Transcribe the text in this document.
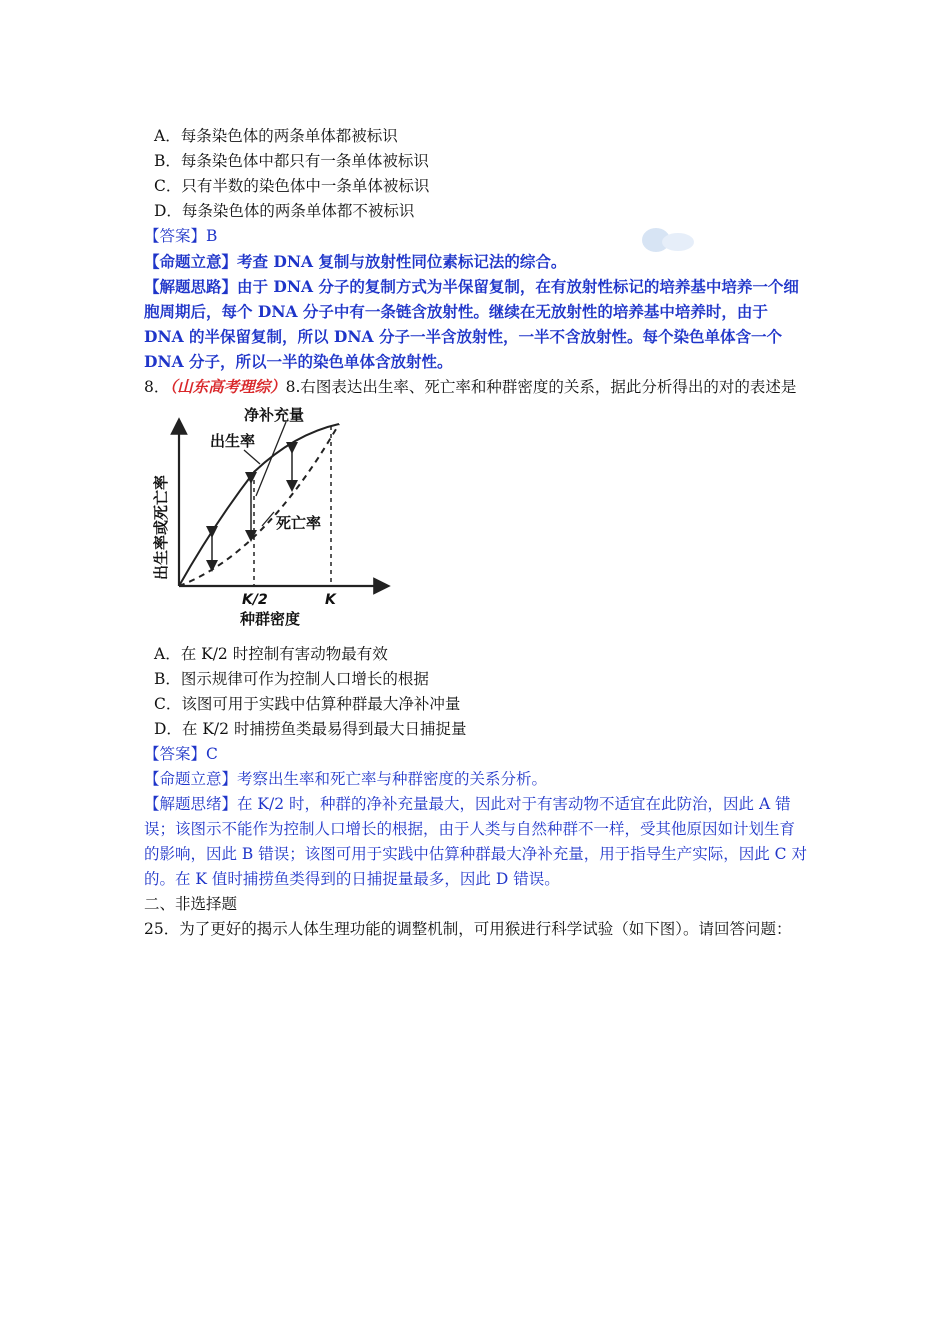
A．每条染色体的两条单体都被标识
B．每条染色体中都只有一条单体被标识
C．只有半数的染色体中一条单体被标识
D．每条染色体的两条单体都不被标识
【答案】B
【命题立意】考查 DNA 复制与放射性同位素标记法的综合。
【解题思路】由于 DNA 分子的复制方式为半保留复制，在有放射性标记的培养基中培养一个细胞周期后，每个 DNA 分子中有一条链含放射性。继续在无放射性的培养基中培养时，由于 DNA 的半保留复制，所以 DNA 分子一半含放射性，一半不含放射性。每个染色单体含一个 DNA 分子，所以一半的染色单体含放射性。
8．（山东高考理综）8.右图表达出生率、死亡率和种群密度的关系，据此分析得出的对的表述是
净补充量
出生率
死亡率
出生率或死亡率
K/2	K
种群密度
A．在 K/2 时控制有害动物最有效
B．图示规律可作为控制人口增长的根据
C．该图可用于实践中估算种群最大净补冲量
D．在 K/2 时捕捞鱼类最易得到最大日捕捉量
【答案】C
【命题立意】考察出生率和死亡率与种群密度的关系分析。
【解题思绪】在 K/2 时，种群的净补充量最大，因此对于有害动物不适宜在此防治，因此 A 错误；该图示不能作为控制人口增长的根据，由于人类与自然种群不一样，受其他原因如计划生育的影响，因此 B 错误；该图可用于实践中估算种群最大净补充量，用于指导生产实际，因此 C 对的。在 K 值时捕捞鱼类得到的日捕捉量最多，因此 D 错误。
二、非选择题
25．为了更好的揭示人体生理功能的调整机制，可用猴进行科学试验（如下图）。请回答问题：
